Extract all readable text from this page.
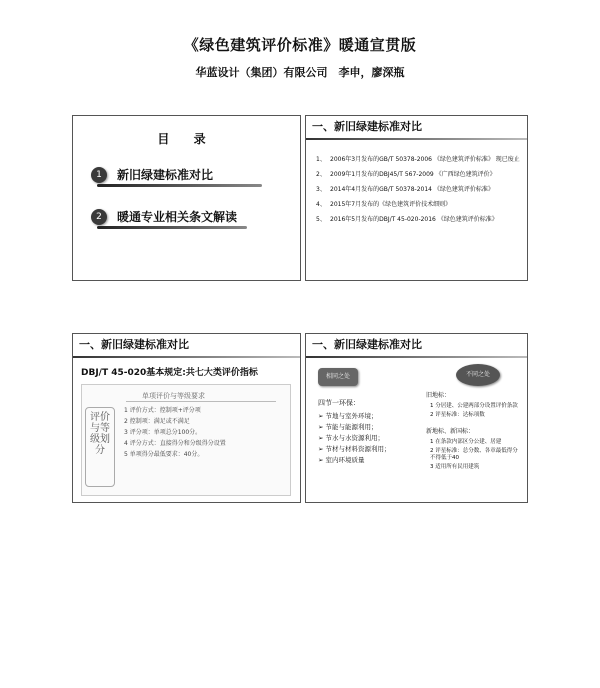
《绿色建筑评价标准》暖通宣贯版
华蓝设计（集团）有限公司　李申，廖深瓶
目 录
1	新旧绿建标准对比
2	暖通专业相关条文解读
一、新旧绿建标准对比
1、 2006年3月发布的GB/T 50378-2006 《绿色建筑评价标准》 现已废止
2、 2009年1月发布的DBJ45/T 567-2009 《广西绿色建筑评价》
3、 2014年4月发布的GB/T 50378-2014 《绿色建筑评价标准》
4、 2015年7月发布的《绿色建筑评价技术细则》
5、 2016年5月发布的DBJ/T 45-020-2016 《绿色建筑评价标准》
一、新旧绿建标准对比
DBJ/T 45-020基本规定:共七大类评价指标
评价与等级划分
单项评价与等级要求
1 评价方式：控制项+评分项
2 控制项：满足或不满足
3 评分项：单项总分100分。
4 评分方式：直接得分和分级得分设置
5 单项得分最低要求：40分。
一、新旧绿建标准对比
相同之处	不同之处
四节一环保：
➢ 节地与室外环境；
➢ 节能与能源利用；
➢ 节水与水资源利用；
➢ 节材与材料资源利用；
➢ 室内环境质量
旧地标：
1 分居建、公建两部分设置评价条款
2 评星标准：达标项数
新地标、新国标：
1 在条款内部区分公建、居建
2 评星标准：总分数、各章最低得分不得低于40
3 适用所有民用建筑
